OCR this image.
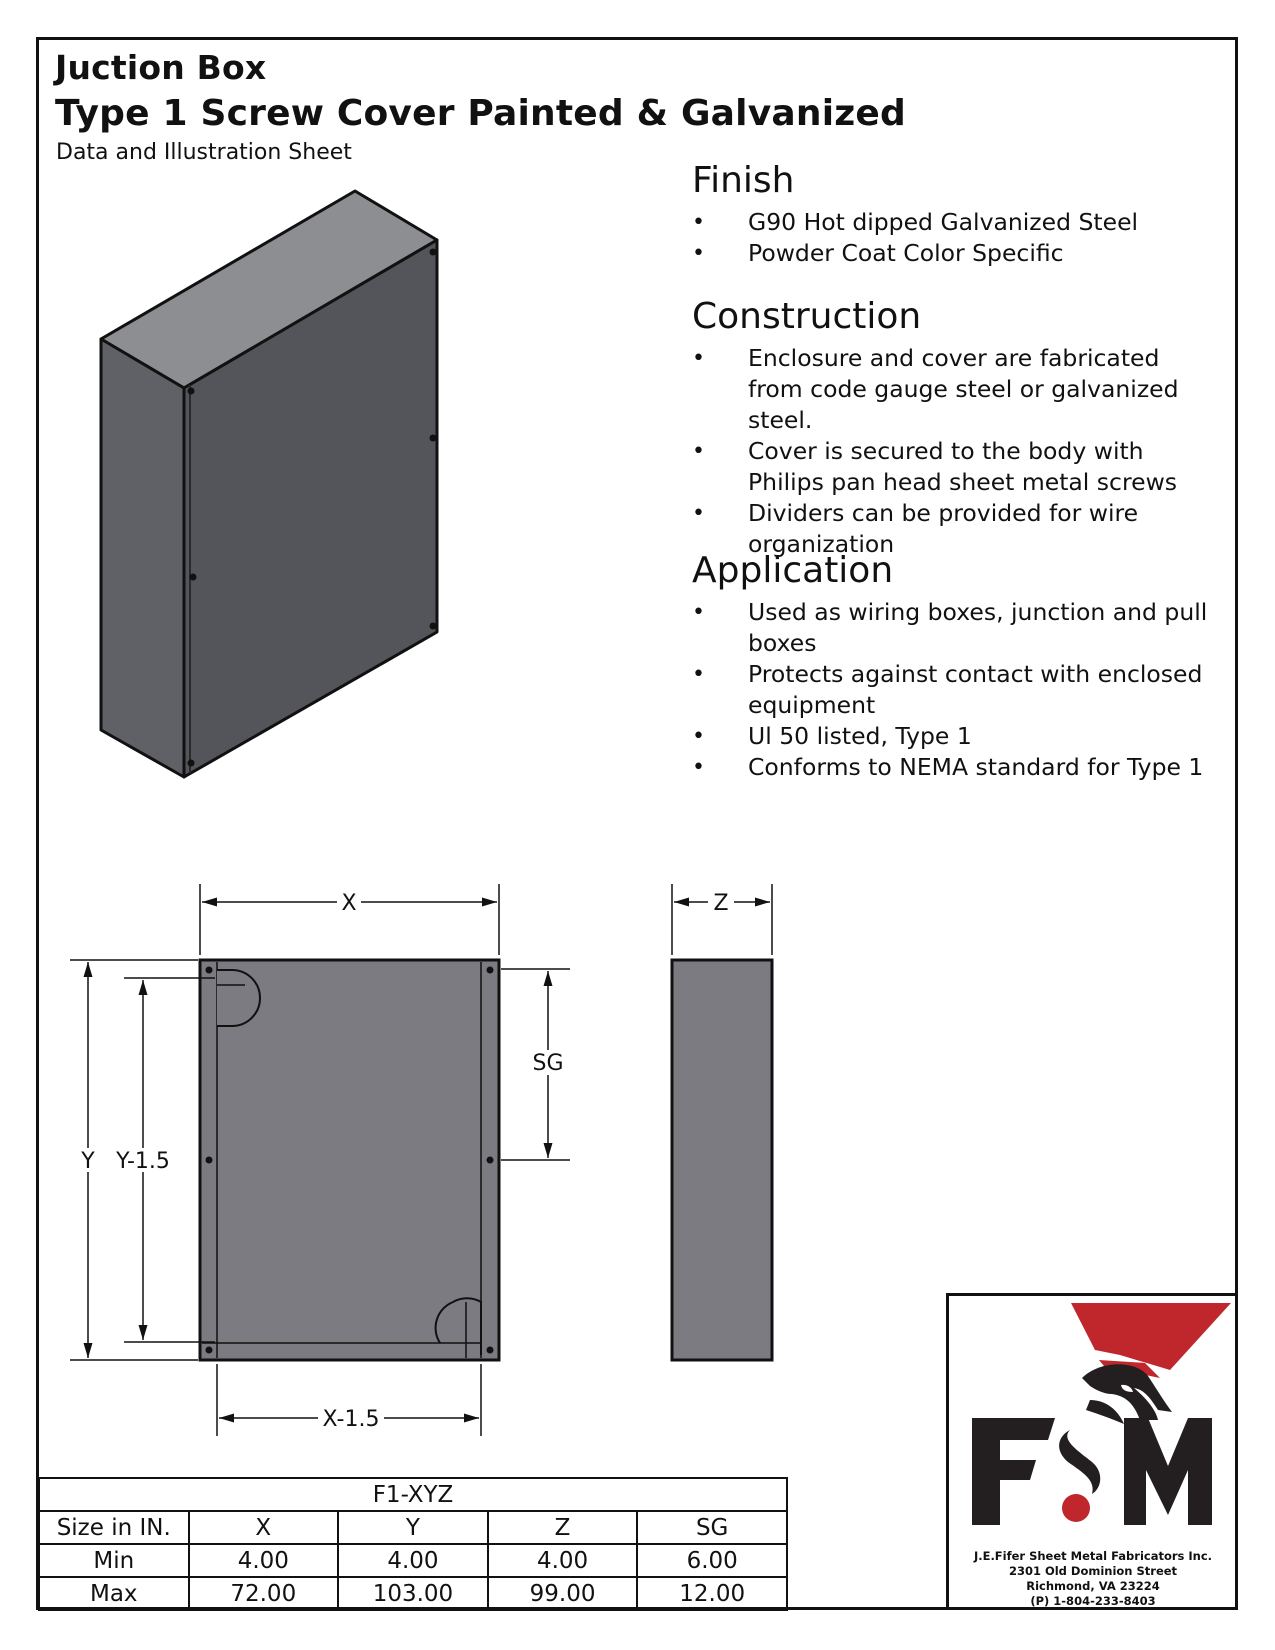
Juction Box
Type 1 Screw Cover Painted & Galvanized
Data and Illustration Sheet
Finish
• G90 Hot dipped Galvanized Steel
• Powder Coat Color Specific
Construction
• Enclosure and cover are fabricated from code gauge steel or galvanized steel.
• Cover is secured to the body with Philips pan head sheet metal screws
• Dividers can be provided for wire organization
Application
• Used as wiring boxes, junction and pull boxes
• Protects against contact with enclosed equipment
• Ul 50 listed, Type 1
• Conforms to NEMA standard for Type 1
X	Z
Y Y-1.5
SG
X-1.5
F1-XYZ				
Size in IN.	X	Y	Z	SG
Min	4.00	4.00	4.00	6.00
Max	72.00	103.00	99.00	12.00
J.E.Fifer Sheet Metal Fabricators Inc.
2301 Old Dominion Street
Richmond, VA 23224
(P) 1-804-233-8403
